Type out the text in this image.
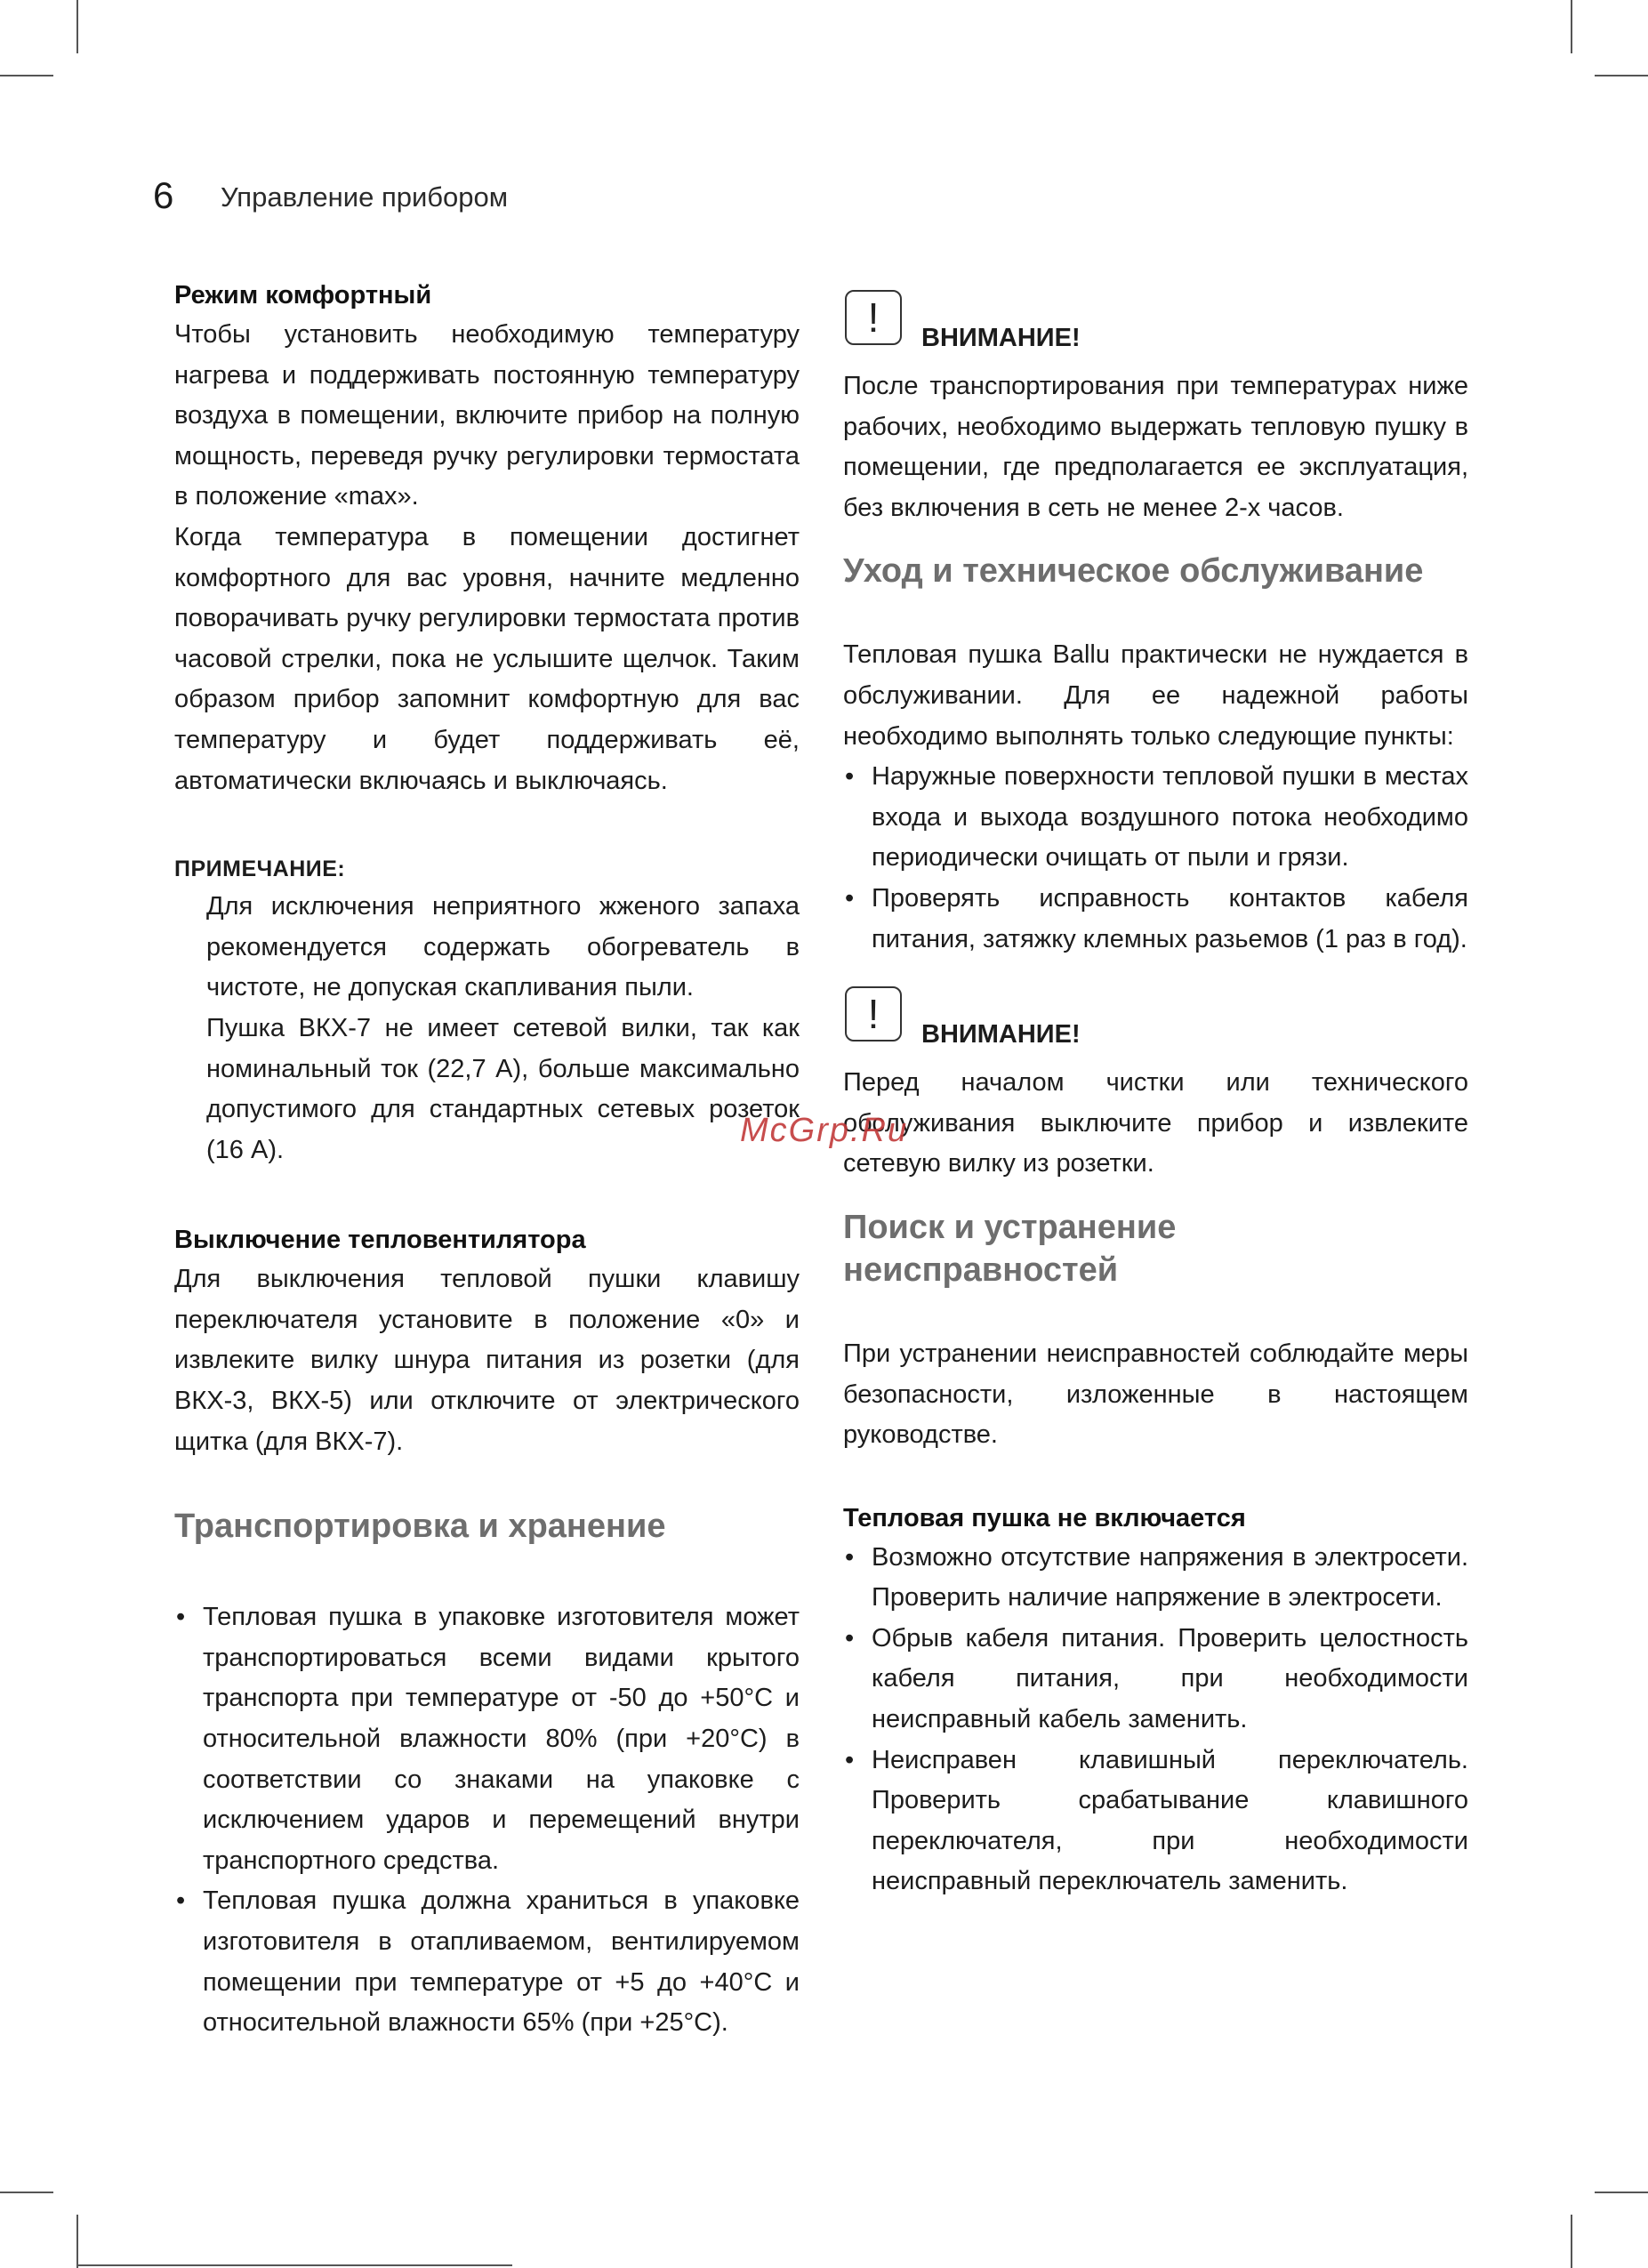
6 Управление прибором

Режим комфортный

Чтобы установить необходимую температуру нагрева и поддерживать постоянную температуру воздуха в помещении, включите прибор на полную мощность, переведя ручку регулировки термостата в положение «max».

Когда температура в помещении достигнет комфортного для вас уровня, начните медленно поворачивать ручку регулировки термостата против часовой стрелки, пока не услышите щелчок. Таким образом прибор запомнит комфортную для вас температуру и будет поддерживать её, автоматически включаясь и выключаясь.

ПРИМЕЧАНИЕ:

Для исключения неприятного жженого запаха рекомендуется содержать обогреватель в чистоте, не допуская скапливания пыли.

Пушка ВКХ-7 не имеет сетевой вилки, так как номинальный ток (22,7 А), больше максимально допустимого для стандартных сетевых розеток (16 А).

Выключение тепловентилятора

Для выключения тепловой пушки клавишу переключателя установите в положение «0» и извлеките вилку шнура питания из розетки (для ВКХ-3, ВКХ-5) или отключите от электрического щитка (для ВКХ-7).

Транспортировка и хранение

• Тепловая пушка в упаковке изготовителя может транспортироваться всеми видами крытого транспорта при температуре от -50 до +50°С и относительной влажности 80% (при +20°С) в соответствии со знаками на упаковке с исключением ударов и перемещений внутри транспортного средства.
• Тепловая пушка должна храниться в упаковке изготовителя в отапливаемом, вентилируемом помещении при температуре от +5 до +40°С и относительной влажности 65% (при +25°С).
!	ВНИМАНИЕ!

После транспортирования при температурах ниже рабочих, необходимо выдержать тепловую пушку в помещении, где предполагается ее эксплуатация, без включения в сеть не менее 2-х часов.

Уход и техническое обслуживание

Тепловая пушка Ballu практически не нуждается в обслуживании. Для ее надежной работы необходимо выполнять только следующие пункты:

• Наружные поверхности тепловой пушки в местах входа и выхода воздушного потока необходимо периодически очищать от пыли и грязи.
• Проверять исправность контактов кабеля питания, затяжку клемных разьемов (1 раз в год).
!	ВНИМАНИЕ!

Перед началом чистки или технического обслуживания выключите прибор и извлеките сетевую вилку из розетки.

Поиск и устранение

неисправностей

При устранении неисправностей соблюдайте меры безопасности, изложенные в настоящем руководстве.

Тепловая пушка не включается

• Возможно отсутствие напряжения в электросети. Проверить наличие напряжение в электросети.
• Обрыв кабеля питания. Проверить целостность кабеля питания, при необходимости неисправный кабель заменить.
• Неисправен клавишный переключатель. Проверить срабатывание клавишного переключателя, при необходимости неисправный переключатель заменить.
McGrp.Ru
